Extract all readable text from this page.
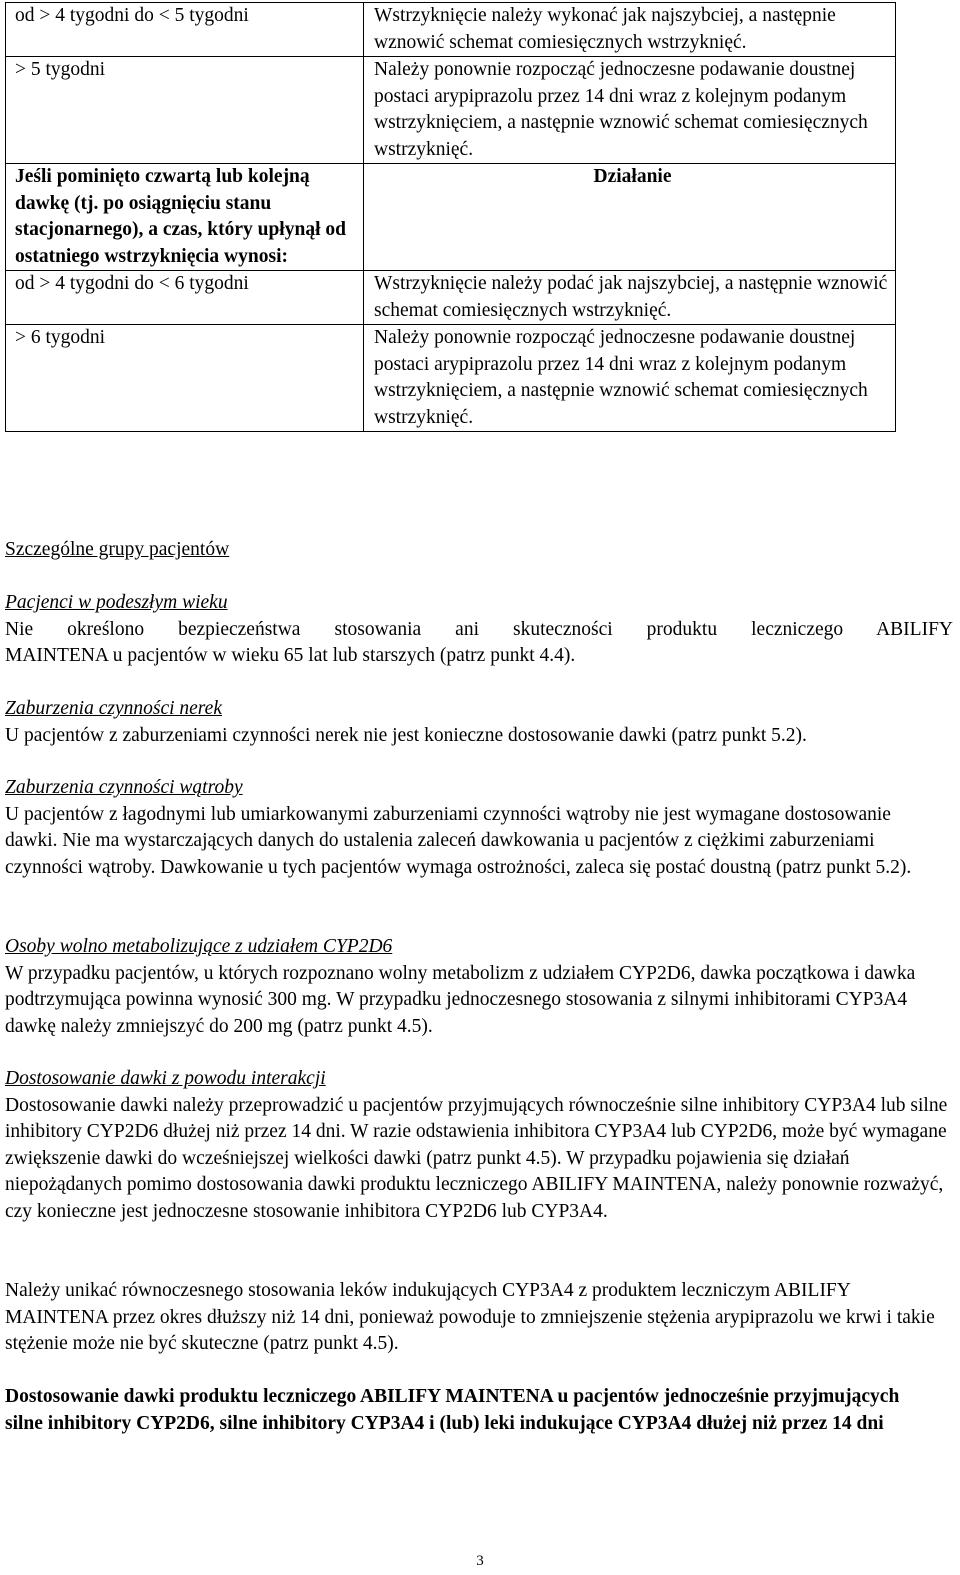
od > 4 tygodni do < 5 tygodni	Wstrzyknięcie należy wykonać jak najszybciej, a następnie wznowić schemat comiesięcznych wstrzyknięć.
> 5 tygodni	Należy ponownie rozpocząć jednoczesne podawanie doustnej postaci arypiprazolu przez 14 dni wraz z kolejnym podanym wstrzyknięciem, a następnie wznowić schemat comiesięcznych wstrzyknięć.
Jeśli pominięto czwartą lub kolejną dawkę (tj. po osiągnięciu stanu stacjonarnego), a czas, który upłynął od ostatniego wstrzyknięcia wynosi:	Działanie
od > 4 tygodni do < 6 tygodni	Wstrzyknięcie należy podać jak najszybciej, a następnie wznowić schemat comiesięcznych wstrzyknięć.
> 6 tygodni	Należy ponownie rozpocząć jednoczesne podawanie doustnej postaci arypiprazolu przez 14 dni wraz z kolejnym podanym wstrzyknięciem, a następnie wznowić schemat comiesięcznych wstrzyknięć.

Szczególne grupy pacjentów

Pacjenci w podeszłym wieku

Nie określono bezpieczeństwa stosowania ani skuteczności produktu leczniczego ABILIFY

MAINTENA u pacjentów w wieku 65 lat lub starszych (patrz punkt 4.4).

Zaburzenia czynności nerek

U pacjentów z zaburzeniami czynności nerek nie jest konieczne dostosowanie dawki (patrz punkt 5.2).

Zaburzenia czynności wątroby

U pacjentów z łagodnymi lub umiarkowanymi zaburzeniami czynności wątroby nie jest wymagane dostosowanie dawki. Nie ma wystarczających danych do ustalenia zaleceń dawkowania u pacjentów z ciężkimi zaburzeniami czynności wątroby. Dawkowanie u tych pacjentów wymaga ostrożności, zaleca się postać doustną (patrz punkt 5.2).

Osoby wolno metabolizujące z udziałem CYP2D6

W przypadku pacjentów, u których rozpoznano wolny metabolizm z udziałem CYP2D6, dawka początkowa i dawka podtrzymująca powinna wynosić 300 mg. W przypadku jednoczesnego stosowania z silnymi inhibitorami CYP3A4 dawkę należy zmniejszyć do 200 mg (patrz punkt 4.5).

Dostosowanie dawki z powodu interakcji

Dostosowanie dawki należy przeprowadzić u pacjentów przyjmujących równocześnie silne inhibitory CYP3A4 lub silne inhibitory CYP2D6 dłużej niż przez 14 dni. W razie odstawienia inhibitora CYP3A4 lub CYP2D6, może być wymagane zwiększenie dawki do wcześniejszej wielkości dawki (patrz punkt 4.5). W przypadku pojawienia się działań niepożądanych pomimo dostosowania dawki produktu leczniczego ABILIFY MAINTENA, należy ponownie rozważyć, czy konieczne jest jednoczesne stosowanie inhibitora CYP2D6 lub CYP3A4.

Należy unikać równoczesnego stosowania leków indukujących CYP3A4 z produktem leczniczym ABILIFY MAINTENA przez okres dłuższy niż 14 dni, ponieważ powoduje to zmniejszenie stężenia arypiprazolu we krwi i takie stężenie może nie być skuteczne (patrz punkt 4.5).

Dostosowanie dawki produktu leczniczego ABILIFY MAINTENA u pacjentów jednocześnie przyjmujących silne inhibitory CYP2D6, silne inhibitory CYP3A4 i (lub) leki indukujące CYP3A4 dłużej niż przez 14 dni

3
